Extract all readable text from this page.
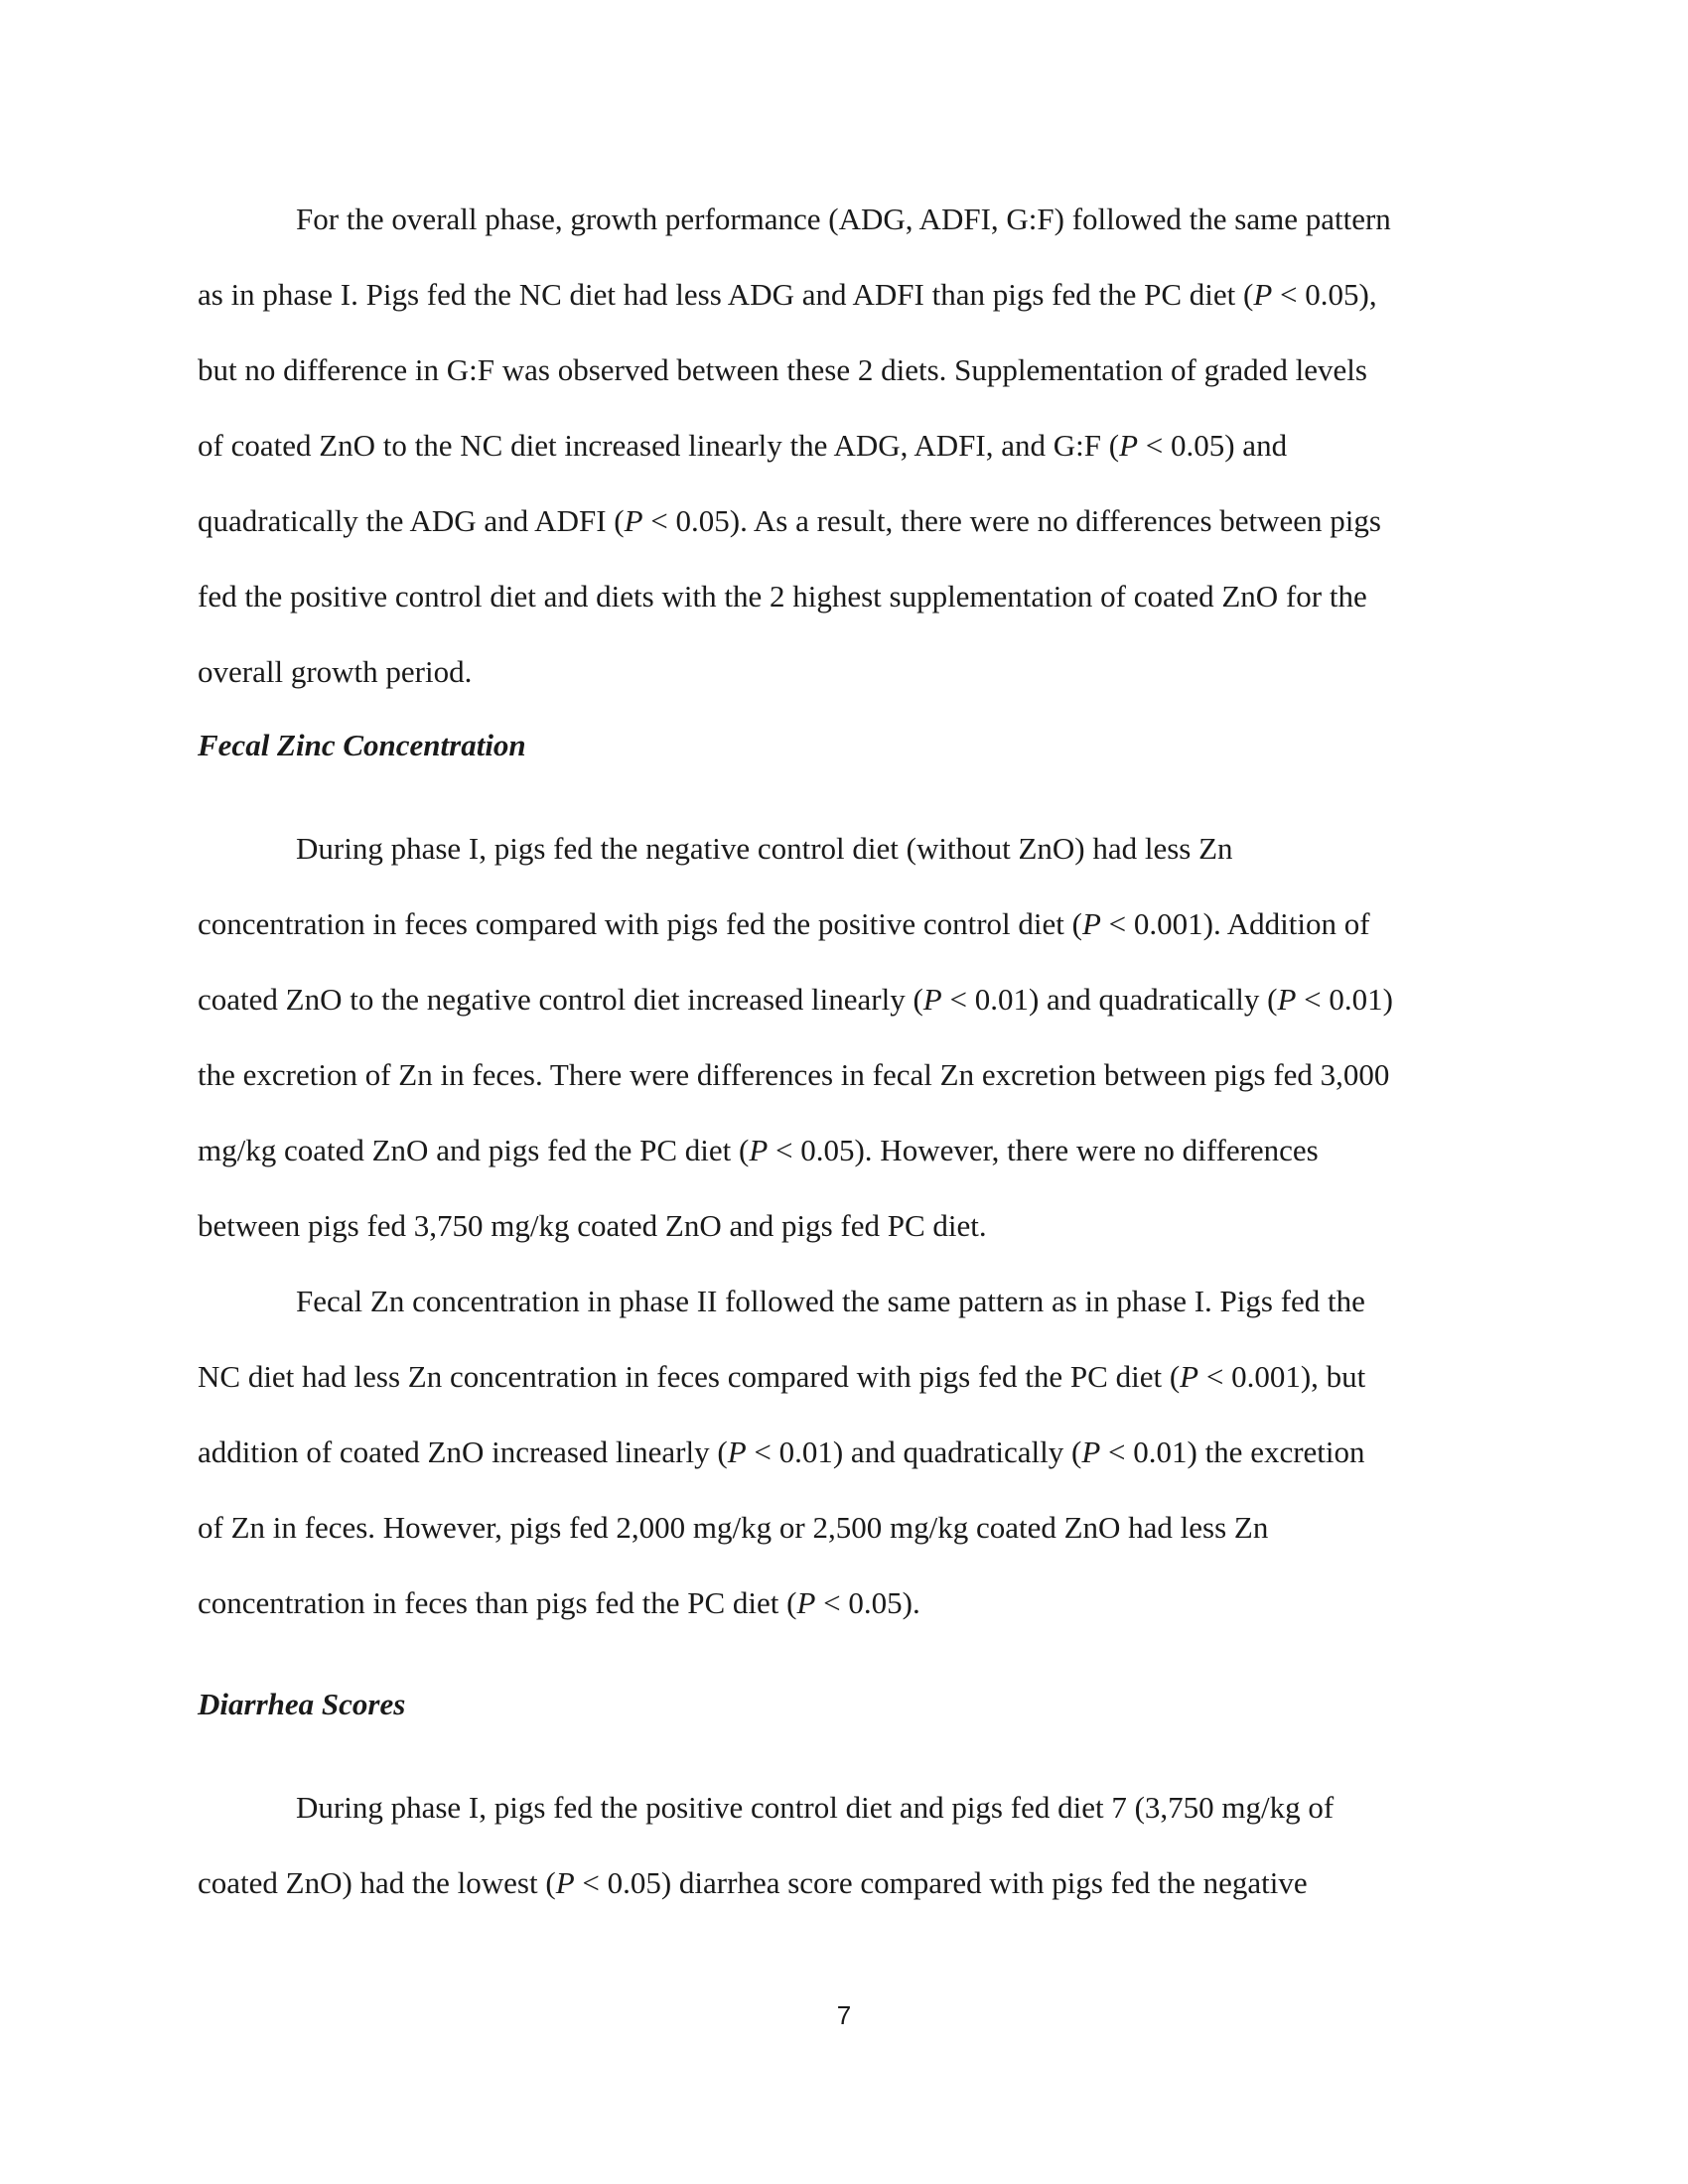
For the overall phase, growth performance (ADG, ADFI, G:F) followed the same pattern
as in phase I. Pigs fed the NC diet had less ADG and ADFI than pigs fed the PC diet (P < 0.05),
but no difference in G:F was observed between these 2 diets. Supplementation of graded levels
of coated ZnO to the NC diet increased linearly the ADG, ADFI, and G:F (P < 0.05) and
quadratically the ADG and ADFI (P < 0.05). As a result, there were no differences between pigs
fed the positive control diet and diets with the 2 highest supplementation of coated ZnO for the
overall growth period.
Fecal Zinc Concentration
During phase I, pigs fed the negative control diet (without ZnO) had less Zn
concentration in feces compared with pigs fed the positive control diet (P < 0.001). Addition of
coated ZnO to the negative control diet increased linearly (P < 0.01) and quadratically (P < 0.01)
the excretion of Zn in feces. There were differences in fecal Zn excretion between pigs fed 3,000
mg/kg coated ZnO and pigs fed the PC diet (P < 0.05). However, there were no differences
between pigs fed 3,750 mg/kg coated ZnO and pigs fed PC diet.
Fecal Zn concentration in phase II followed the same pattern as in phase I. Pigs fed the
NC diet had less Zn concentration in feces compared with pigs fed the PC diet (P < 0.001), but
addition of coated ZnO increased linearly (P < 0.01) and quadratically (P < 0.01) the excretion
of Zn in feces. However, pigs fed 2,000 mg/kg or 2,500 mg/kg coated ZnO had less Zn
concentration in feces than pigs fed the PC diet (P < 0.05).
Diarrhea Scores
During phase I, pigs fed the positive control diet and pigs fed diet 7 (3,750 mg/kg of
coated ZnO) had the lowest (P < 0.05) diarrhea score compared with pigs fed the negative
7
